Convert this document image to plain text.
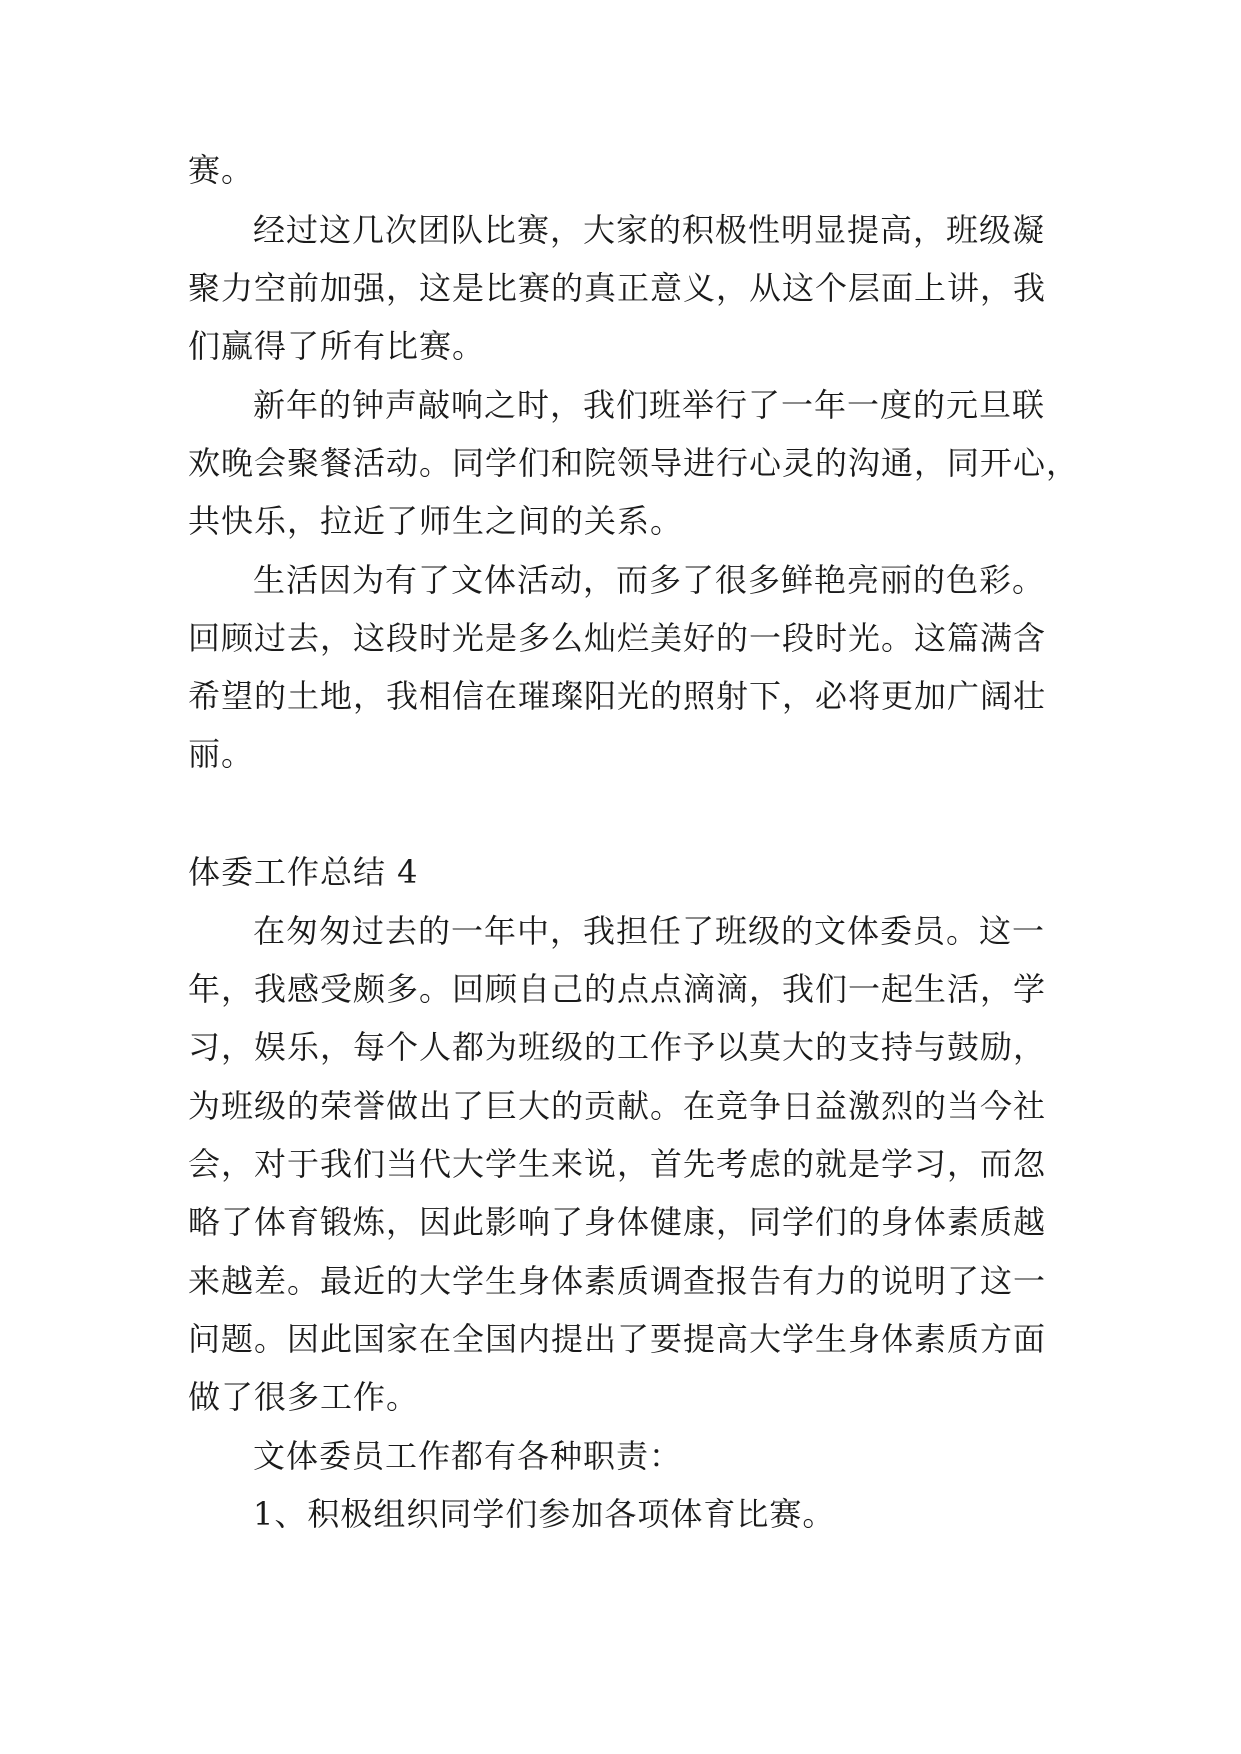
赛。
经过这几次团队比赛，大家的积极性明显提高，班级凝
聚力空前加强，这是比赛的真正意义，从这个层面上讲，我
们赢得了所有比赛。
新年的钟声敲响之时，我们班举行了一年一度的元旦联
欢晚会聚餐活动。同学们和院领导进行心灵的沟通，同开心，
共快乐，拉近了师生之间的关系。
生活因为有了文体活动，而多了很多鲜艳亮丽的色彩。
回顾过去，这段时光是多么灿烂美好的一段时光。这篇满含
希望的土地，我相信在璀璨阳光的照射下，必将更加广阔壮
丽。
体委工作总结 4
在匆匆过去的一年中，我担任了班级的文体委员。这一
年，我感受颇多。回顾自己的点点滴滴，我们一起生活，学
习，娱乐，每个人都为班级的工作予以莫大的支持与鼓励，
为班级的荣誉做出了巨大的贡献。在竞争日益激烈的当今社
会，对于我们当代大学生来说，首先考虑的就是学习，而忽
略了体育锻炼，因此影响了身体健康，同学们的身体素质越
来越差。最近的大学生身体素质调查报告有力的说明了这一
问题。因此国家在全国内提出了要提高大学生身体素质方面
做了很多工作。
文体委员工作都有各种职责：
1、积极组织同学们参加各项体育比赛。
